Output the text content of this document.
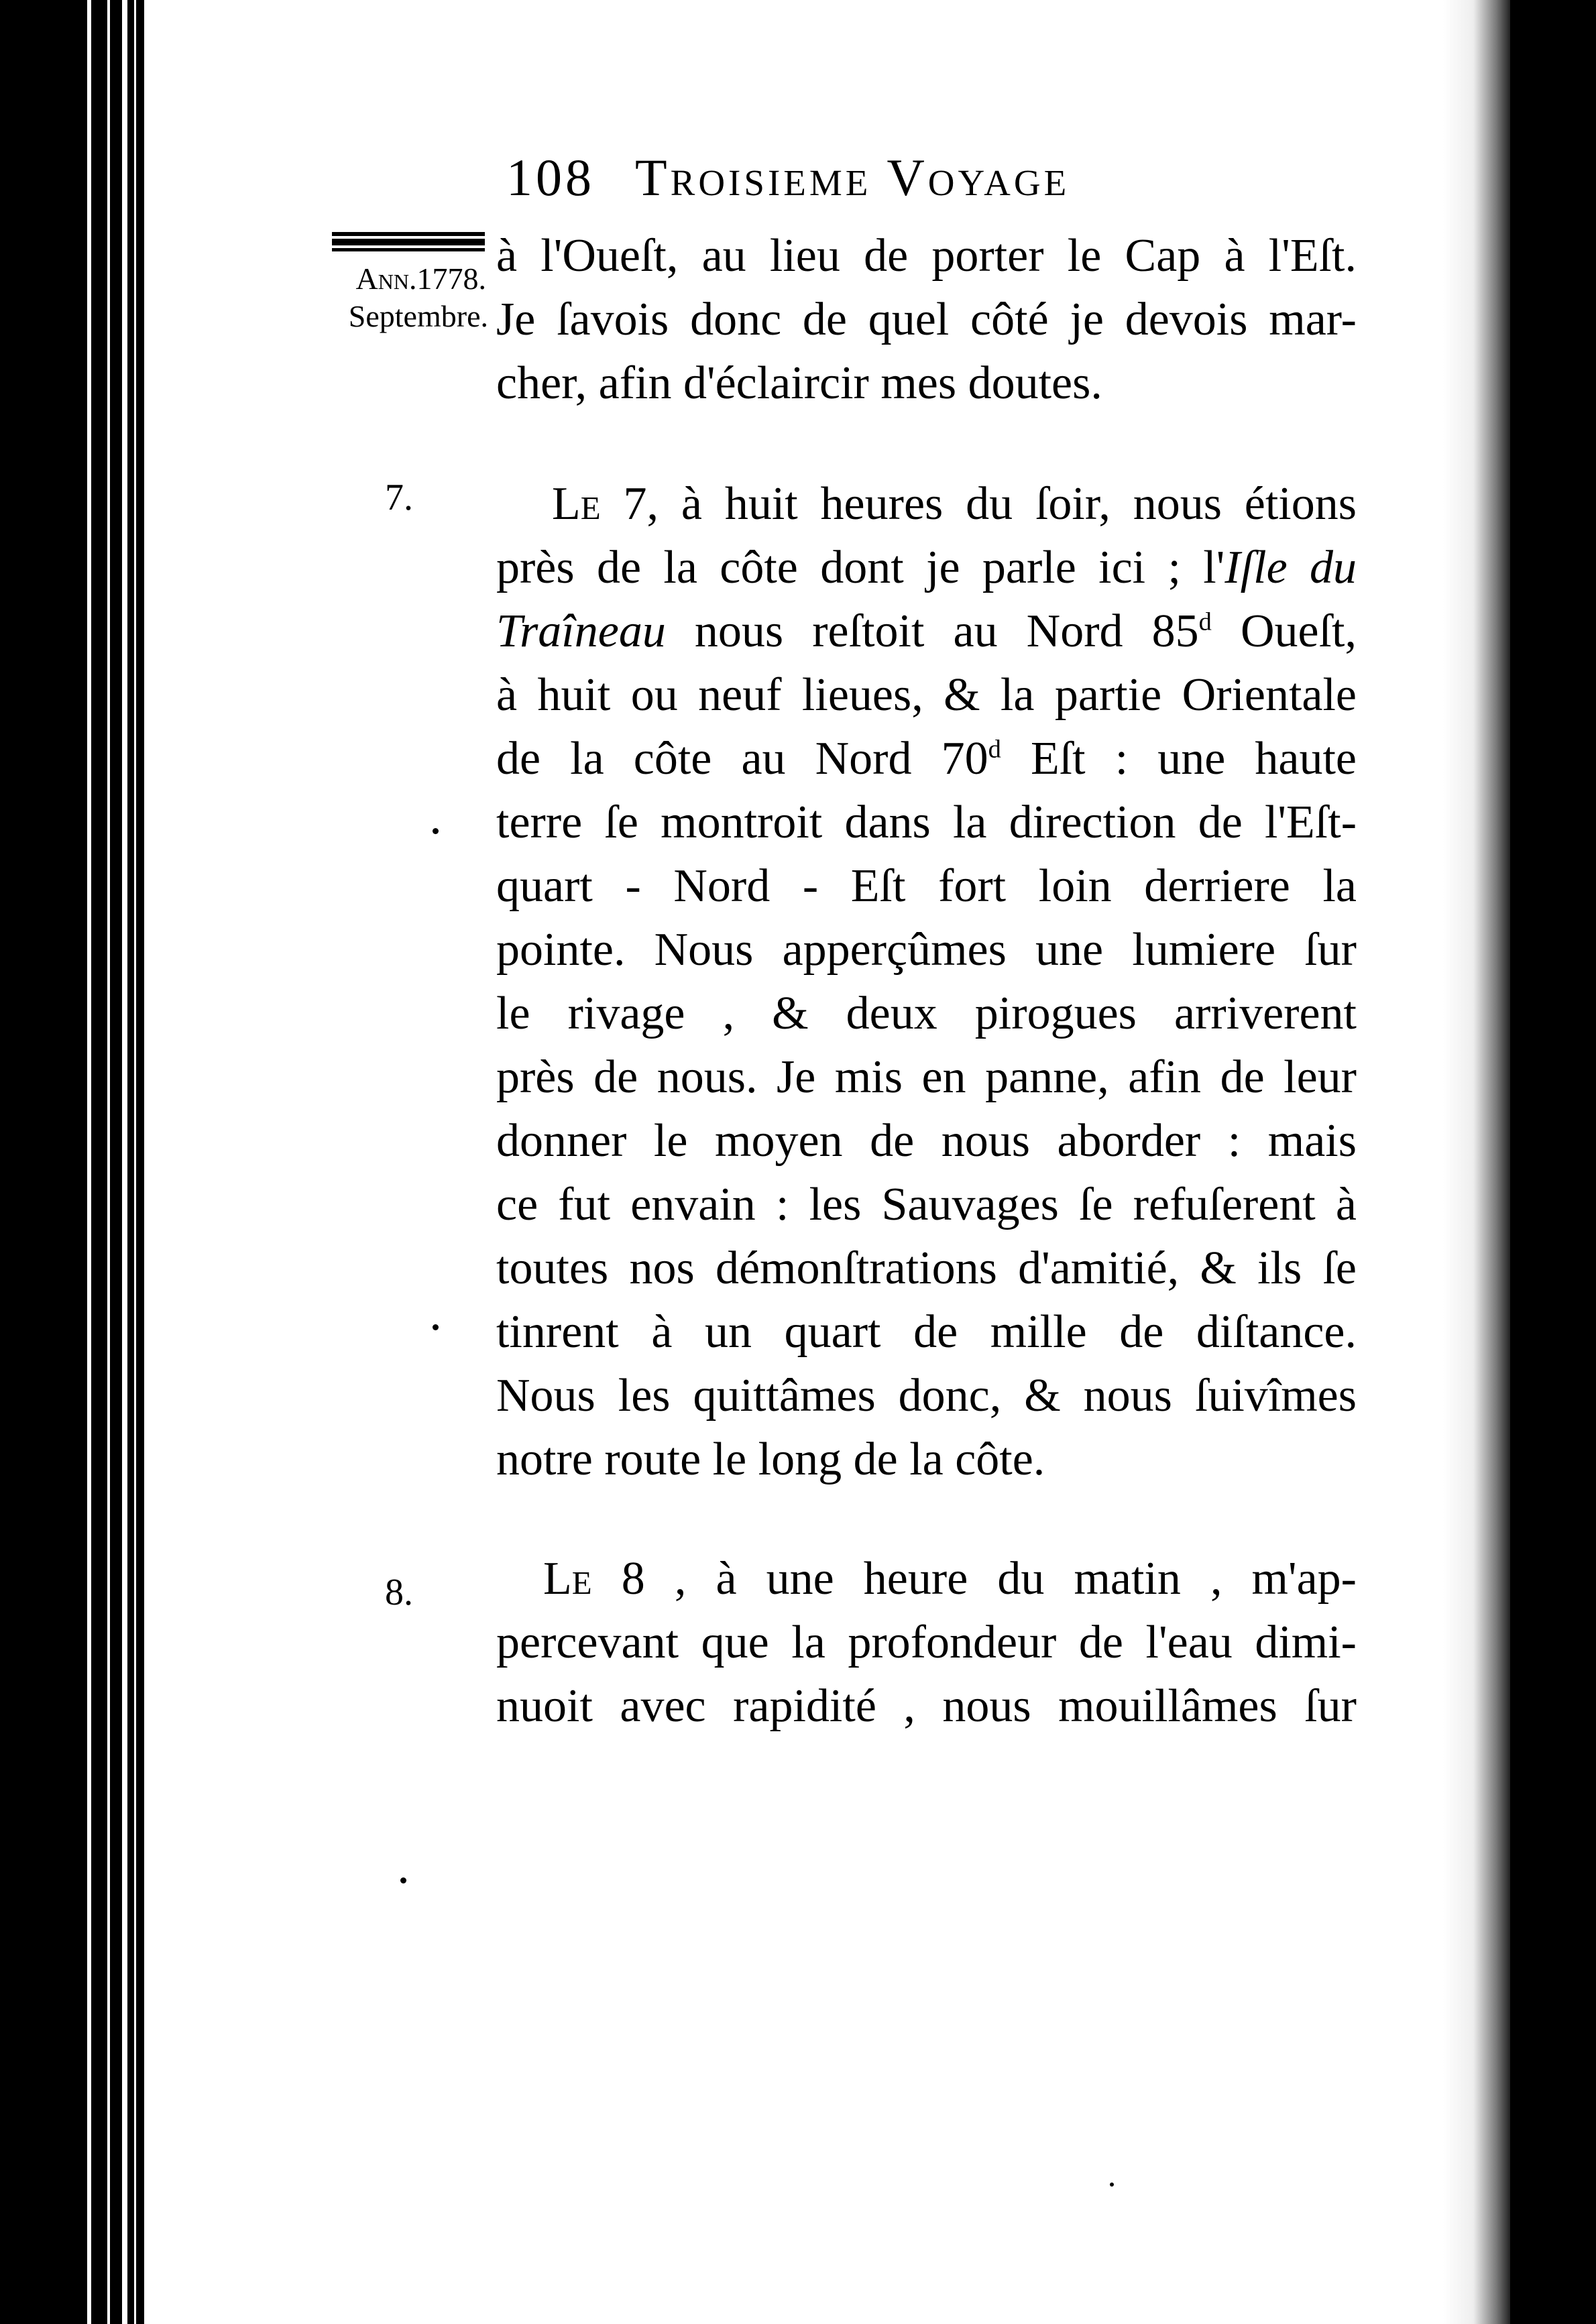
108 Troisieme Voyage
Ann.1778.
Septembre.
7.
8.
à l'Oueſt, au lieu de porter le Cap à l'Eſt.
Je ſavois donc de quel côté je devois mar-
cher, afin d'éclaircir mes doutes.
Le 7, à huit heures du ſoir, nous étions
près de la côte dont je parle ici ; l'Iſle du
Traîneau nous reſtoit au Nord 85$^d$ Oueſt,
à huit ou neuf lieues, & la partie Orientale
de la côte au Nord 70$^d$ Eſt : une haute
terre ſe montroit dans la direction de l'Eſt-
quart - Nord - Eſt fort loin derriere la
pointe. Nous apperçûmes une lumiere ſur
le rivage , & deux pirogues arriverent
près de nous. Je mis en panne, afin de leur
donner le moyen de nous aborder : mais
ce fut envain : les Sauvages ſe refuſerent à
toutes nos démonſtrations d'amitié, & ils ſe
tinrent à un quart de mille de diſtance.
Nous les quittâmes donc, & nous ſuivîmes
notre route le long de la côte.
Le 8 , à une heure du matin , m'ap-
percevant que la profondeur de l'eau dimi-
nuoit avec rapidité , nous mouillâmes ſur
